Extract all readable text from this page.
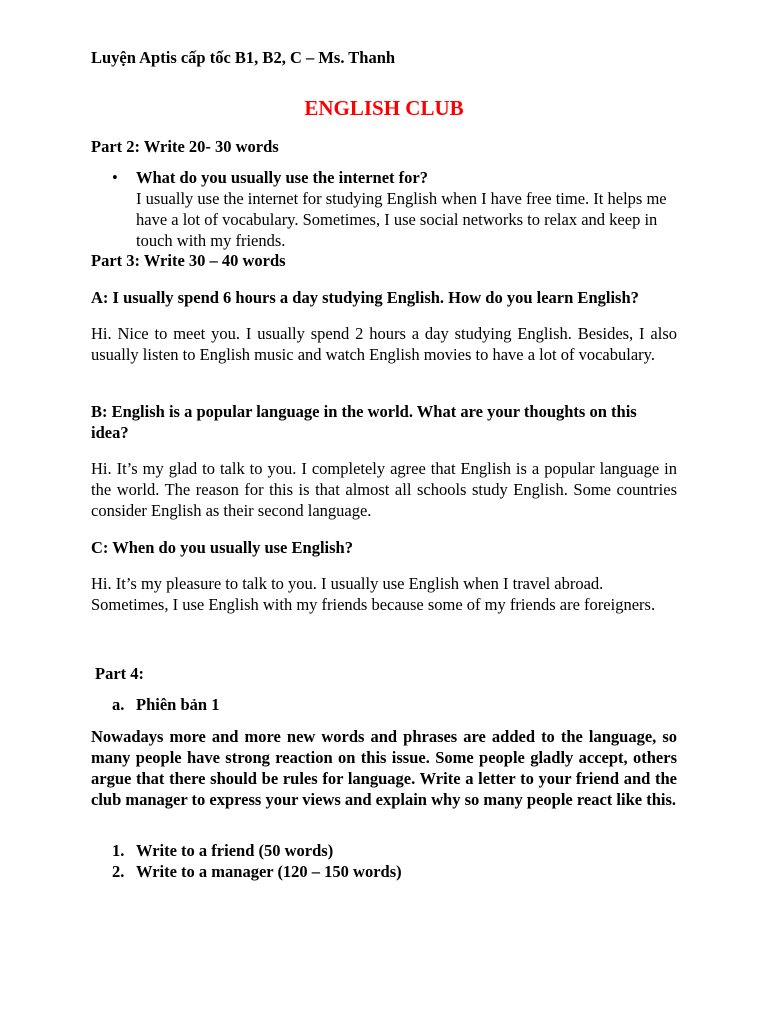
Luyện Aptis cấp tốc B1, B2, C – Ms. Thanh

ENGLISH CLUB

Part 2: Write 20- 30 words

•	What do you usually use the internet for?
I usually use the internet for studying English when I have free time. It helps me have a lot of vocabulary. Sometimes, I use social networks to relax and keep in touch with my friends.

Part 3: Write 30 – 40 words

A: I usually spend 6 hours a day studying English. How do you learn English?

Hi. Nice to meet you. I usually spend 2 hours a day studying English. Besides, I also usually listen to English music and watch English movies to have a lot of vocabulary.

B: English is a popular language in the world. What are your thoughts on this idea?

Hi. It’s my glad to talk to you. I completely agree that English is a popular language in the world. The reason for this is that almost all schools study English. Some countries consider English as their second language.

C: When do you usually use English?

Hi. It’s my pleasure to talk to you. I usually use English when I travel abroad. Sometimes, I use English with my friends because some of my friends are foreigners.

Part 4:

a. Phiên bản 1

Nowadays more and more new words and phrases are added to the language, so many people have strong reaction on this issue. Some people gladly accept, others argue that there should be rules for language. Write a letter to your friend and the club manager to express your views and explain why so many people react like this.

1. Write to a friend (50 words)
2. Write to a manager (120 – 150 words)
